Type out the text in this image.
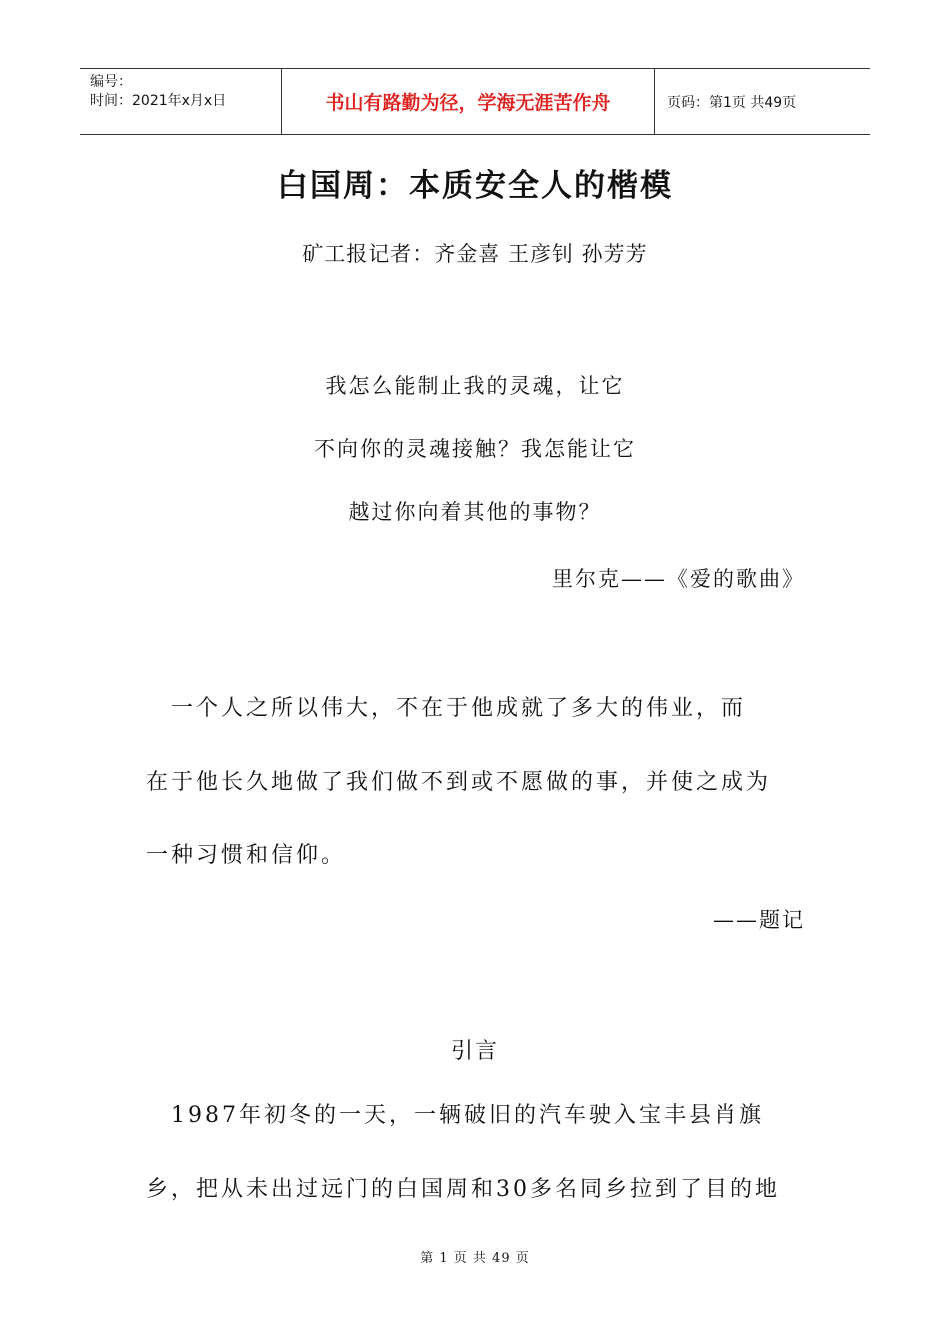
编号：
时间：2021年x月x日	书山有路勤为径，学海无涯苦作舟	页码：第1页 共49页
白国周：本质安全人的楷模
矿工报记者：齐金喜 王彦钊 孙芳芳
我怎么能制止我的灵魂，让它
不向你的灵魂接触？我怎能让它
越过你向着其他的事物？
里尔克——《爱的歌曲》
　一个人之所以伟大，不在于他成就了多大的伟业，而
在于他长久地做了我们做不到或不愿做的事，并使之成为
一种习惯和信仰。
——题记
引言
　1987年初冬的一天，一辆破旧的汽车驶入宝丰县肖旗
乡，把从未出过远门的白国周和30多名同乡拉到了目的地
第 1 页 共 49 页
